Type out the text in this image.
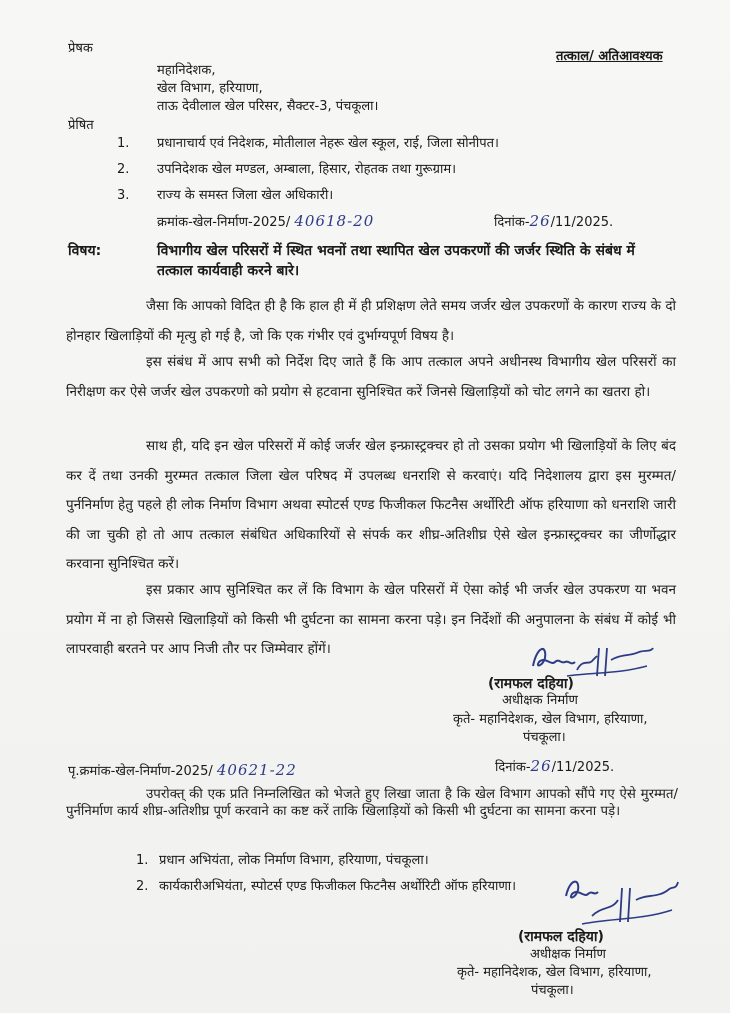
प्रेषक
तत्काल/ अतिआवश्यक
महानिदेशक,
खेल विभाग, हरियाणा,
ताऊ देवीलाल खेल परिसर, सैक्टर-3, पंचकूला।
प्रेषित
1. प्रधानाचार्य एवं निदेशक, मोतीलाल नेहरू खेल स्कूल, राई, जिला सोनीपत।
2. उपनिदेशक खेल मण्डल, अम्बाला, हिसार, रोहतक तथा गुरूग्राम।
3. राज्य के समस्त जिला खेल अधिकारी।
क्रमांक-खेल-निर्माण-2025/ 40618-20	दिनांक-26/11/2025.
विषय:	विभागीय खेल परिसरों में स्थित भवनों तथा स्थापित खेल उपकरणों की जर्जर स्थिति के संबंध में तत्काल कार्यवाही करने बारे।
जैसा कि आपको विदित ही है कि हाल ही में ही प्रशिक्षण लेते समय जर्जर खेल उपकरणों के कारण राज्य के दो होनहार खिलाड़ियों की मृत्यु हो गई है, जो कि एक गंभीर एवं दुर्भाग्यपूर्ण विषय है।
इस संबंध में आप सभी को निर्देश दिए जाते हैं कि आप तत्काल अपने अधीनस्थ विभागीय खेल परिसरों का निरीक्षण कर ऐसे जर्जर खेल उपकरणो को प्रयोग से हटवाना सुनिश्चित करें जिनसे खिलाड़ियों को चोट लगने का खतरा हो।
साथ ही, यदि इन खेल परिसरों में कोई जर्जर खेल इन्फ्रास्ट्रक्चर हो तो उसका प्रयोग भी खिलाड़ियों के लिए बंद कर दें तथा उनकी मुरम्मत तत्काल जिला खेल परिषद में उपलब्ध धनराशि से करवाएं। यदि निदेशालय द्वारा इस मुरम्मत/ पुर्ननिर्माण हेतु पहले ही लोक निर्माण विभाग अथवा स्पोटर्स एण्ड फिजीकल फिटनैस अर्थोरिटी ऑफ हरियाणा को धनराशि जारी की जा चुकी हो तो आप तत्काल संबंधित अधिकारियों से संपर्क कर शीघ्र-अतिशीघ्र ऐसे खेल इन्फ्रास्ट्रक्चर का जीर्णोद्धार करवाना सुनिश्चित करें।
इस प्रकार आप सुनिश्चित कर लें कि विभाग के खेल परिसरों में ऐसा कोई भी जर्जर खेल उपकरण या भवन प्रयोग में ना हो जिससे खिलाड़ियों को किसी भी दुर्घटना का सामना करना पड़े। इन निर्देशों की अनुपालना के संबंध में कोई भी लापरवाही बरतने पर आप निजी तौर पर जिम्मेवार होंगें।
(रामफल दहिया)
अधीक्षक निर्माण
कृते- महानिदेशक, खेल विभाग, हरियाणा,
पंचकूला।
पृ.क्रमांक-खेल-निर्माण-2025/ 40621-22	दिनांक-26/11/2025.
उपरोक्त् की एक प्रति निम्नलिखित को भेजते हुए लिखा जाता है कि खेल विभाग आपको सौंपे गए ऐसे मुरम्मत/ पुर्ननिर्माण कार्य शीघ्र-अतिशीघ्र पूर्ण करवाने का कष्ट करें ताकि खिलाड़ियों को किसी भी दुर्घटना का सामना करना पड़े।
1. प्रधान अभियंता, लोक निर्माण विभाग, हरियाणा, पंचकूला।
2. कार्यकारीअभियंता, स्पोटर्स एण्ड फिजीकल फिटनैस अर्थोरिटी ऑफ हरियाणा।
(रामफल दहिया)
अधीक्षक निर्माण
कृते- महानिदेशक, खेल विभाग, हरियाणा,
पंचकूला।
